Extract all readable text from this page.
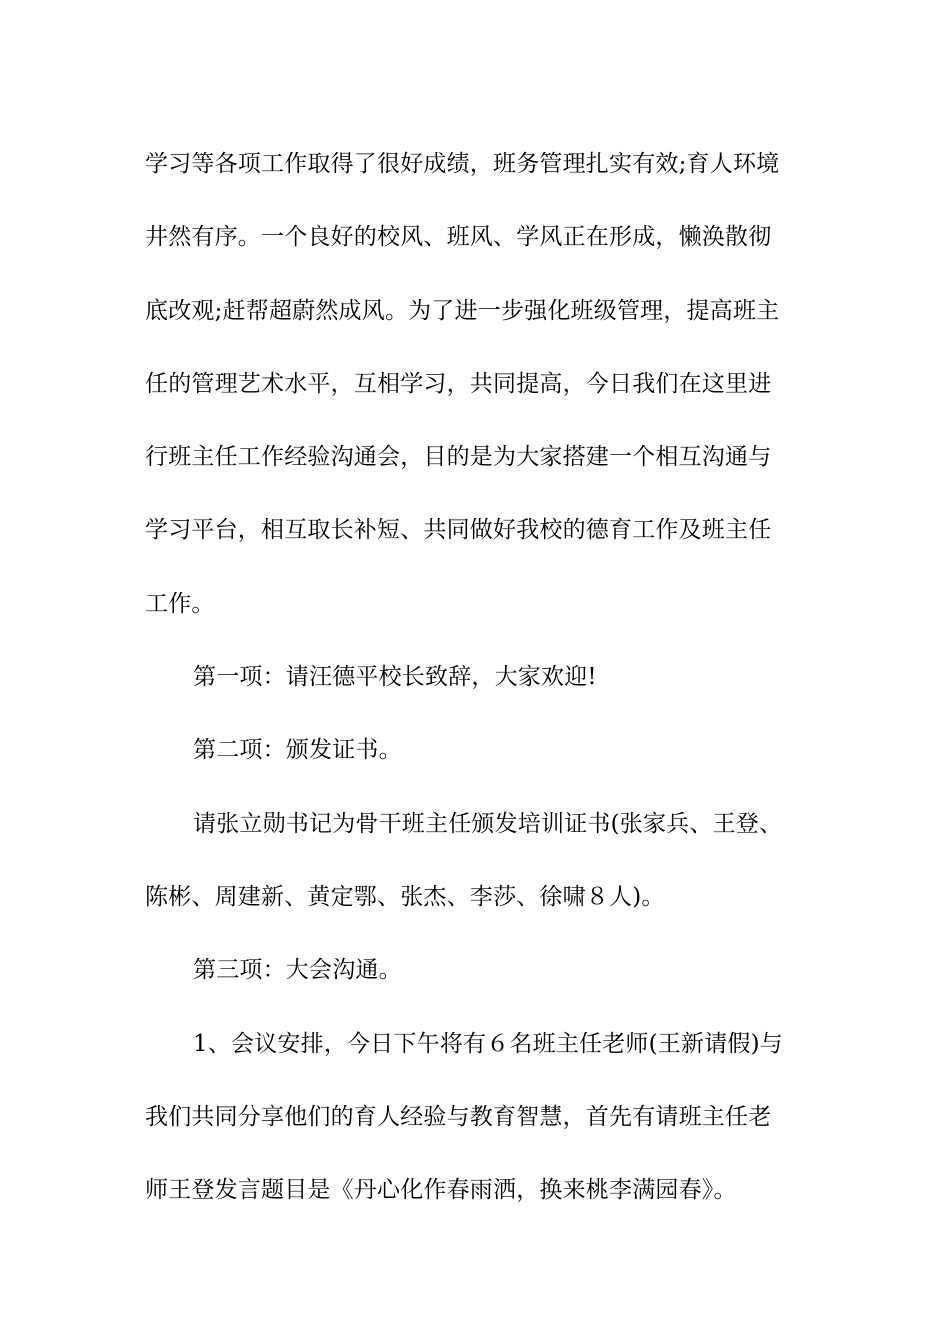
学习等各项工作取得了很好成绩，班务管理扎实有效;育人环境

井然有序。一个良好的校风、班风、学风正在形成，懒涣散彻

底改观;赶帮超蔚然成风。为了进一步强化班级管理，提高班主

任的管理艺术水平，互相学习，共同提高，今日我们在这里进

行班主任工作经验沟通会，目的是为大家搭建一个相互沟通与

学习平台，相互取长补短、共同做好我校的德育工作及班主任

工作。

第一项：请汪德平校长致辞，大家欢迎!

第二项：颁发证书。

请张立勋书记为骨干班主任颁发培训证书(张家兵、王登、

陈彬、周建新、黄定鄂、张杰、李莎、徐啸８人)。

第三项：大会沟通。

1、会议安排，今日下午将有６名班主任老师(王新请假)与

我们共同分享他们的育人经验与教育智慧，首先有请班主任老

师王登发言题目是《丹心化作春雨洒，换来桃李满园春》。
